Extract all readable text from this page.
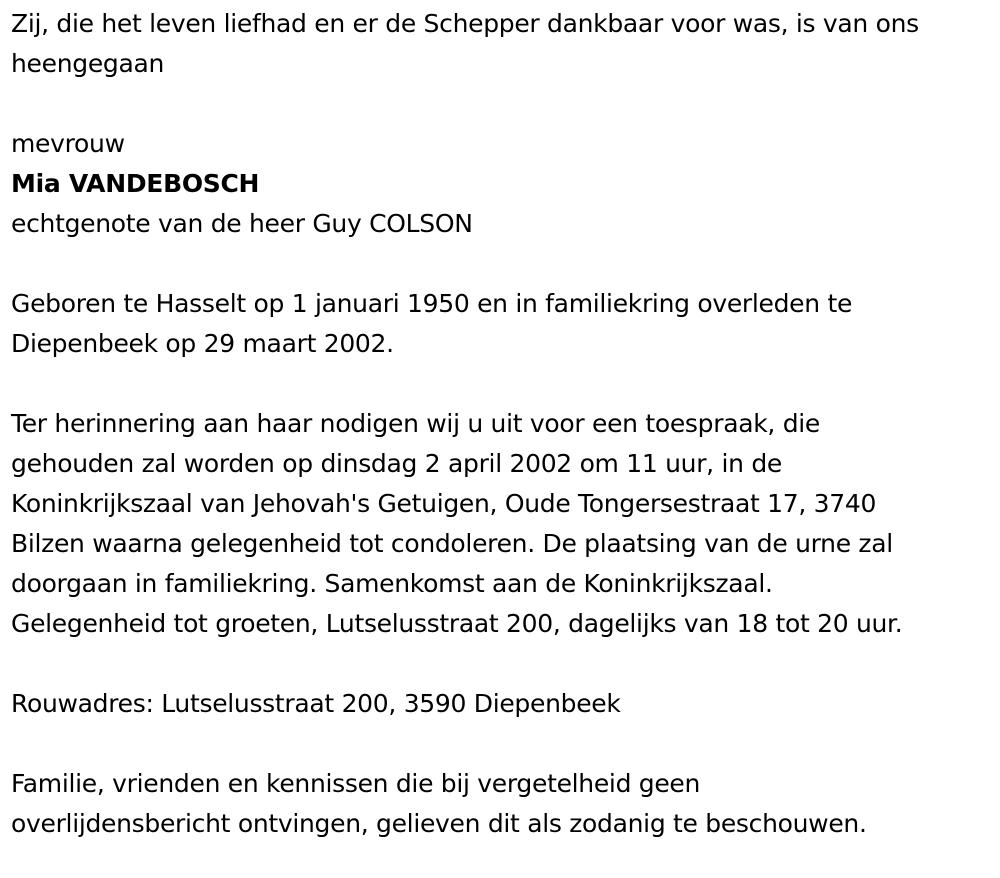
Zij, die het leven liefhad en er de Schepper dankbaar voor was, is van ons
heengegaan
mevrouw
Mia VANDEBOSCH
echtgenote van de heer Guy COLSON
Geboren te Hasselt op 1 januari 1950 en in familiekring overleden te
Diepenbeek op 29 maart 2002.
Ter herinnering aan haar nodigen wij u uit voor een toespraak, die
gehouden zal worden op dinsdag 2 april 2002 om 11 uur, in de
Koninkrijkszaal van Jehovah's Getuigen, Oude Tongersestraat 17, 3740
Bilzen waarna gelegenheid tot condoleren. De plaatsing van de urne zal
doorgaan in familiekring. Samenkomst aan de Koninkrijkszaal.
Gelegenheid tot groeten, Lutselusstraat 200, dagelijks van 18 tot 20 uur.
Rouwadres: Lutselusstraat 200, 3590 Diepenbeek
Familie, vrienden en kennissen die bij vergetelheid geen
overlijdensbericht ontvingen, gelieven dit als zodanig te beschouwen.
